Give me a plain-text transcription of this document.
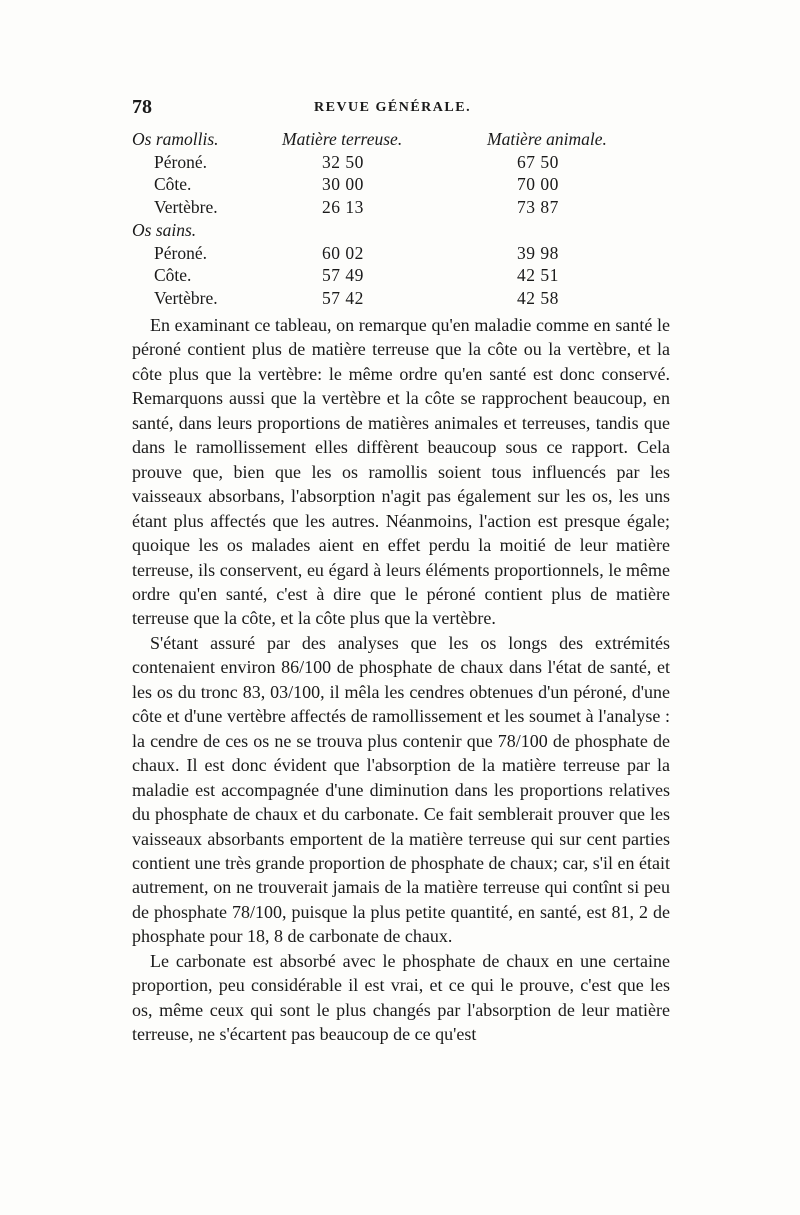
78	REVUE GÉNÉRALE.
Os ramollis.	Matière terreuse.	Matière animale.
Péroné.	32 50	67 50
Côte.	30 00	70 00
Vertèbre.	26 13	73 87
Os sains.		
Péroné.	60 02	39 98
Côte.	57 49	42 51
Vertèbre.	57 42	42 58

En examinant ce tableau, on remarque qu'en maladie comme en santé le péroné contient plus de matière terreuse que la côte ou la vertèbre, et la côte plus que la vertèbre: le même ordre qu'en santé est donc conservé. Remarquons aussi que la vertèbre et la côte se rapprochent beaucoup, en santé, dans leurs proportions de matières animales et terreuses, tandis que dans le ramollissement elles diffèrent beaucoup sous ce rapport. Cela prouve que, bien que les os ramollis soient tous influencés par les vaisseaux absorbans, l'absorption n'agit pas également sur les os, les uns étant plus affectés que les autres. Néanmoins, l'action est presque égale; quoique les os malades aient en effet perdu la moitié de leur matière terreuse, ils conservent, eu égard à leurs éléments proportionnels, le même ordre qu'en santé, c'est à dire que le péroné contient plus de matière terreuse que la côte, et la côte plus que la vertèbre.

S'étant assuré par des analyses que les os longs des extrémités contenaient environ 86/100 de phosphate de chaux dans l'état de santé, et les os du tronc 83, 03/100, il mêla les cendres obtenues d'un péroné, d'une côte et d'une vertèbre affectés de ramollissement et les soumet à l'analyse : la cendre de ces os ne se trouva plus contenir que 78/100 de phosphate de chaux. Il est donc évident que l'absorption de la matière terreuse par la maladie est accompagnée d'une diminution dans les proportions relatives du phosphate de chaux et du carbonate. Ce fait semblerait prouver que les vaisseaux absorbants emportent de la matière terreuse qui sur cent parties contient une très grande proportion de phosphate de chaux; car, s'il en était autrement, on ne trouverait jamais de la matière terreuse qui contînt si peu de phosphate 78/100, puisque la plus petite quantité, en santé, est 81, 2 de phosphate pour 18, 8 de carbonate de chaux.

Le carbonate est absorbé avec le phosphate de chaux en une certaine proportion, peu considérable il est vrai, et ce qui le prouve, c'est que les os, même ceux qui sont le plus changés par l'absorption de leur matière terreuse, ne s'écartent pas beaucoup de ce qu'est
